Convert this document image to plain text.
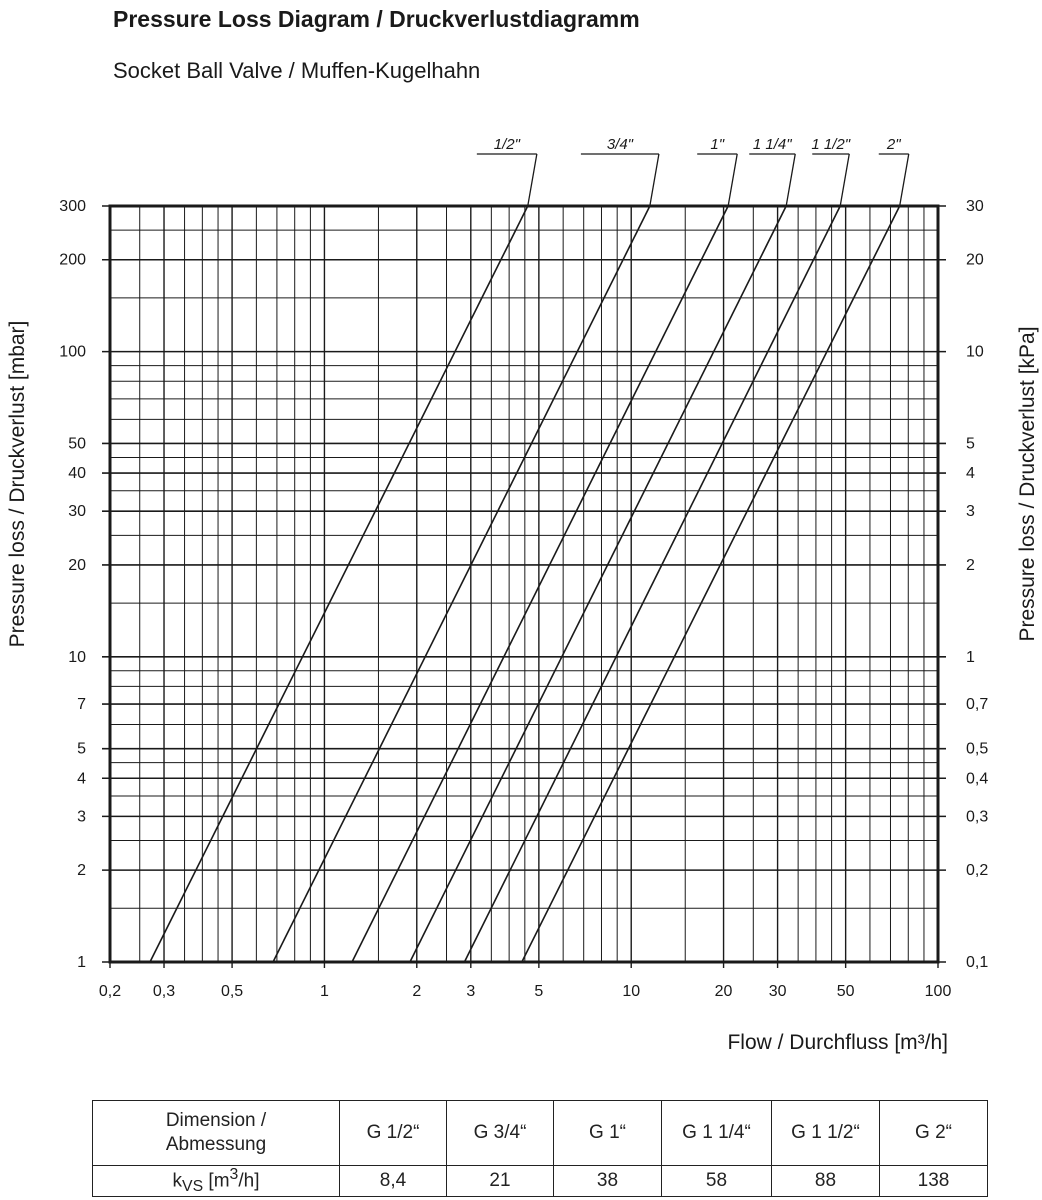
Pressure Loss Diagram / Druckverlustdiagramm
Socket Ball Valve / Muffen-Kugelhahn
0,2 0,3	0,5	1	2	3	5	10	20 30	50	100
1
2
3
4
5
7
10
20
30
40
50
100
200
300
0,1
0,2
0,3
0,4
0,5
0,7
1
2
3
4
5
10
20
30
Flow / Durchfluss [m³/h]
Pressure loss / Druckverlust [mbar]	Pressure loss / Druckverlust [kPa]
1/2"	3/4"	1" 1 1/4" 1 1/2" 2"
Dimension /
Abmessung	G 1/2“	G 3/4“	G 1“	G 1 1/4“	G 1 1/2“	G 2“
$k_{VS}$ $[m^3/h]$	8,4	21	38	58	88	138
